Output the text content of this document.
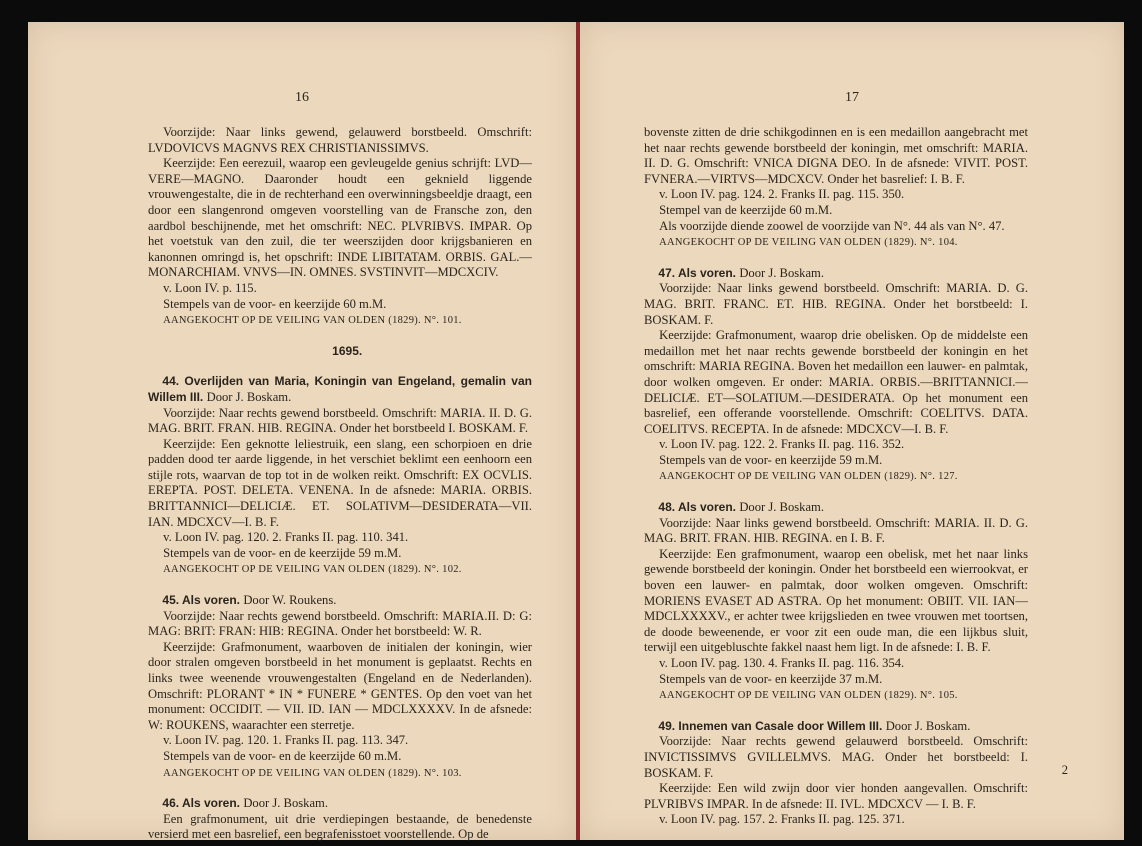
16

Voorzijde: Naar links gewend, gelauwerd borstbeeld. Omschrift: LVDOVICVS MAGNVS REX CHRISTIANISSIMVS.

Keerzijde: Een eerezuil, waarop een gevleugelde genius schrijft: LVD—VERE—MAGNO. Daaronder houdt een geknield liggende vrouwengestalte, die in de rechterhand een overwinningsbeeldje draagt, een door een slangenrond omgeven voorstelling van de Fransche zon, den aardbol beschijnende, met het omschrift: NEC. PLVRIBVS. IMPAR. Op het voetstuk van den zuil, die ter weerszijden door krijgsbanieren en kanonnen omringd is, het opschrift: INDE LIBITATAM. ORBIS. GAL.—MONARCHIAM. VNVS—IN. OMNES. SVSTINVIT—MDCXCIV.

v. Loon IV. p. 115.

Stempels van de voor- en keerzijde 60 m.M.

AANGEKOCHT OP DE VEILING VAN OLDEN (1829). N°. 101.

1695.

44. Overlijden van Maria, Koningin van Engeland, gemalin van Willem III. Door J. Boskam.

Voorzijde: Naar rechts gewend borstbeeld. Omschrift: MARIA. II. D. G. MAG. BRIT. FRAN. HIB. REGINA. Onder het borstbeeld I. BOSKAM. F.

Keerzijde: Een geknotte leliestruik, een slang, een schorpioen en drie padden dood ter aarde liggende, in het verschiet beklimt een eenhoorn een stijle rots, waarvan de top tot in de wolken reikt. Omschrift: EX OCVLIS. EREPTA. POST. DELETA. VENENA. In de afsnede: MARIA. ORBIS. BRITTANNICI—DELICIÆ. ET. SOLATIVM—DESIDERATA—VII. IAN. MDCXCV—I. B. F.

v. Loon IV. pag. 120. 2. Franks II. pag. 110. 341.

Stempels van de voor- en de keerzijde 59 m.M.

AANGEKOCHT OP DE VEILING VAN OLDEN (1829). N°. 102.

45. Als voren. Door W. Roukens.

Voorzijde: Naar rechts gewend borstbeeld. Omschrift: MARIA.II. D: G: MAG: BRIT: FRAN: HIB: REGINA. Onder het borstbeeld: W. R.

Keerzijde: Grafmonument, waarboven de initialen der koningin, wier door stralen omgeven borstbeeld in het monument is geplaatst. Rechts en links twee weenende vrouwengestalten (Engeland en de Nederlanden). Omschrift: PLORANT * IN * FUNERE * GENTES. Op den voet van het monument: OCCIDIT. — VII. ID. IAN — MDCLXXXXV. In de afsnede: W: ROUKENS, waarachter een sterretje.

v. Loon IV. pag. 120. 1. Franks II. pag. 113. 347.

Stempels van de voor- en de keerzijde 60 m.M.

AANGEKOCHT OP DE VEILING VAN OLDEN (1829). N°. 103.

46. Als voren. Door J. Boskam.

Een grafmonument, uit drie verdiepingen bestaande, de benedenste versierd met een basrelief, een begrafenisstoet voorstellende. Op de

17

bovenste zitten de drie schikgodinnen en is een medaillon aangebracht met het naar rechts gewende borstbeeld der koningin, met omschrift: MARIA. II. D. G. Omschrift: VNICA DIGNA DEO. In de afsnede: VIVIT. POST. FVNERA.—VIRTVS—MDCXCV. Onder het basrelief: I. B. F.

v. Loon IV. pag. 124. 2. Franks II. pag. 115. 350.

Stempel van de keerzijde 60 m.M.

Als voorzijde diende zoowel de voorzijde van N°. 44 als van N°. 47.

AANGEKOCHT OP DE VEILING VAN OLDEN (1829). N°. 104.

47. Als voren. Door J. Boskam.

Voorzijde: Naar links gewend borstbeeld. Omschrift: MARIA. D. G. MAG. BRIT. FRANC. ET. HIB. REGINA. Onder het borstbeeld: I. BOSKAM. F.

Keerzijde: Grafmonument, waarop drie obelisken. Op de middelste een medaillon met het naar rechts gewende borstbeeld der koningin en het omschrift: MARIA REGINA. Boven het medaillon een lauwer- en palmtak, door wolken omgeven. Er onder: MARIA. ORBIS.—BRITTANNICI.—DELICIÆ. ET—SOLATIUM.—DESIDERATA. Op het monument een basrelief, een offerande voorstellende. Omschrift: COELITVS. DATA. COELITVS. RECEPTA. In de afsnede: MDCXCV—I. B. F.

v. Loon IV. pag. 122. 2. Franks II. pag. 116. 352.

Stempels van de voor- en keerzijde 59 m.M.

AANGEKOCHT OP DE VEILING VAN OLDEN (1829). N°. 127.

48. Als voren. Door J. Boskam.

Voorzijde: Naar links gewend borstbeeld. Omschrift: MARIA. II. D. G. MAG. BRIT. FRAN. HIB. REGINA. en I. B. F.

Keerzijde: Een grafmonument, waarop een obelisk, met het naar links gewende borstbeeld der koningin. Onder het borstbeeld een wierrookvat, er boven een lauwer- en palmtak, door wolken omgeven. Omschrift: MORIENS EVASET AD ASTRA. Op het monument: OBIIT. VII. IAN—MDCLXXXXV., er achter twee krijgslieden en twee vrouwen met toortsen, de doode beweenende, er voor zit een oude man, die een lijkbus sluit, terwijl een uitgebluschte fakkel naast hem ligt. In de afsnede: I. B. F.

v. Loon IV. pag. 130. 4. Franks II. pag. 116. 354.

Stempels van de voor- en keerzijde 37 m.M.

AANGEKOCHT OP DE VEILING VAN OLDEN (1829). N°. 105.

49. Innemen van Casale door Willem III. Door J. Boskam.

Voorzijde: Naar rechts gewend gelauwerd borstbeeld. Omschrift: INVICTISSIMVS GVILLELMVS. MAG. Onder het borstbeeld: I. BOSKAM. F.

Keerzijde: Een wild zwijn door vier honden aangevallen. Omschrift: PLVRIBVS IMPAR. In de afsnede: II. IVL. MDCXCV — I. B. F.

v. Loon IV. pag. 157. 2. Franks II. pag. 125. 371.

2
